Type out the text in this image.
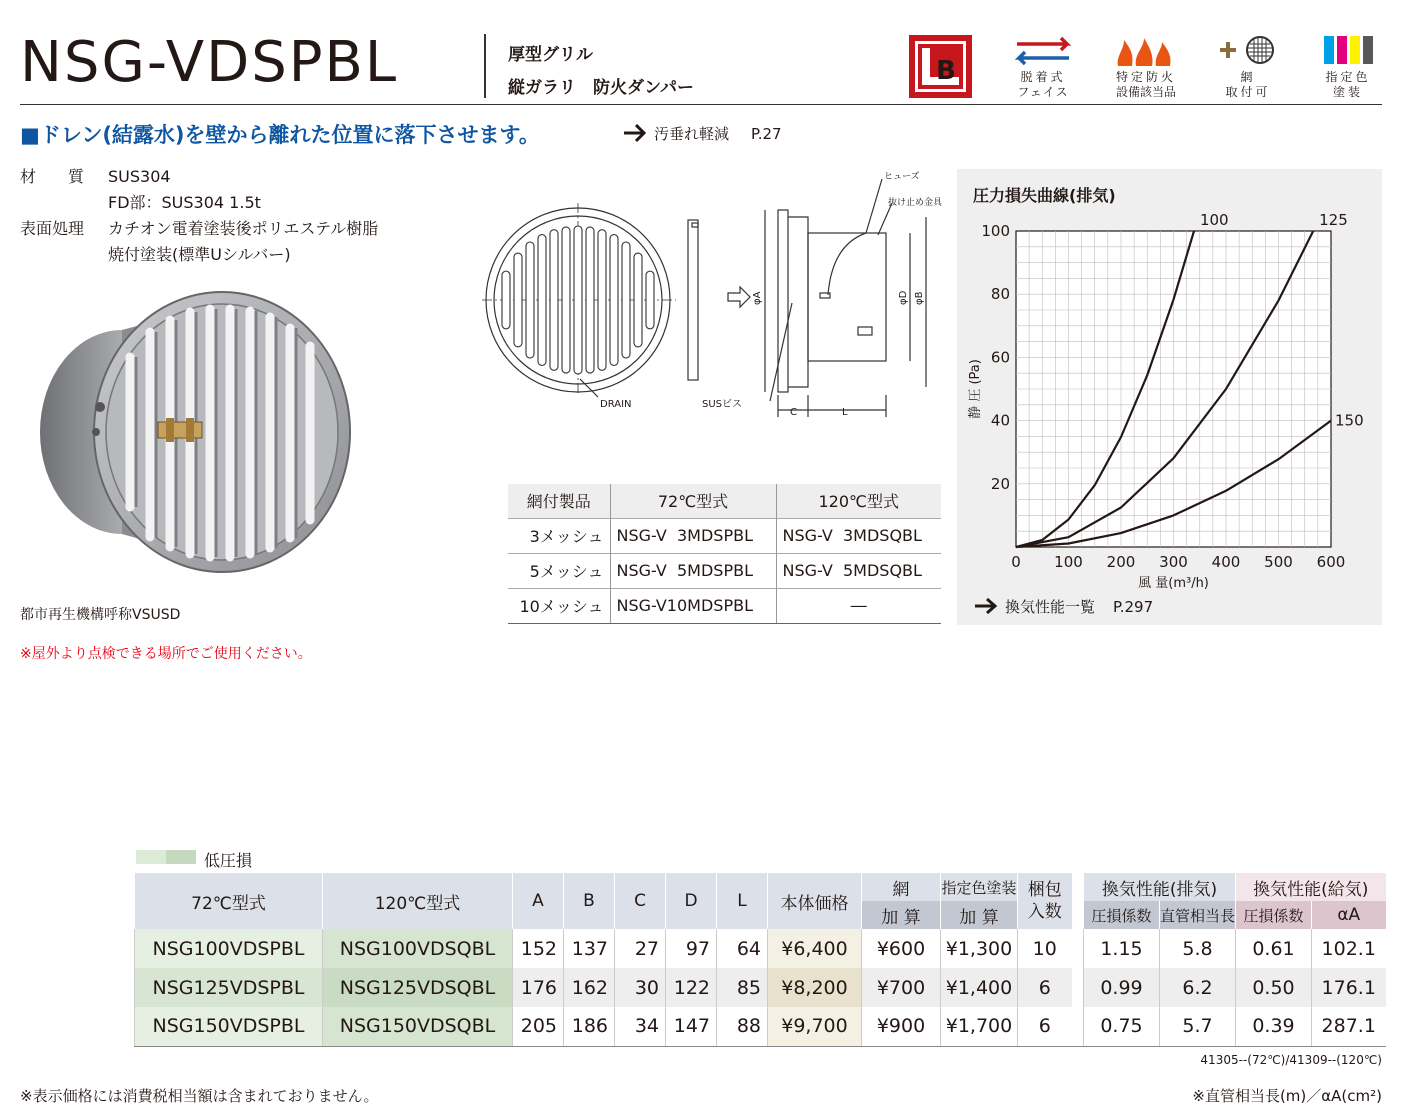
NSG-VDSPBL	厚型グリル
縦ガラリ　防火ダンパー
B	脱着式
フェイス
特定防火
設備該当品
網
取付可
指定色
塗装
■ドレン(結露水)を壁から離れた位置に落下させます。	汚垂れ軽減 P.27
材　　質	SUS304
FD部：SUS304 1.5t
表面処理	カチオン電着塗装後ポリエステル樹脂
焼付塗装(標準Uシルバー)
DRAIN	SUSビス
ヒューズ
抜け止め金具
φA	φD φB
C	L
網付製品	72℃型式	120℃型式
3メッシュ	NSG-V  3MDSPBL	NSG-V  3MDSQBL
5メッシュ	NSG-V  5MDSPBL	NSG-V  5MDSQBL
10メッシュ	NSG-V10MDSPBL	―
圧力損失曲線(排気)
0 100 200 300 400 500 600
20
40
60
80
100
風 量(m³/h)
静 圧 (Pa)
100	125
150
換気性能一覧 P.297
都市再生機構呼称VSUSD
※屋外より点検できる場所でご使用ください。
低圧損
72℃型式	120℃型式	A	B	C	D	L	本体価格	網	指定色塗装	梱包入数		換気性能(排気)		換気性能(給気)	
								加 算	加 算			圧損係数	直管相当長	圧損係数	αA
NSG100VDSPBL	NSG100VDSQBL	152	137	27	97	64	¥6,400	¥600	¥1,300	10		1.15	5.8	0.61	102.1
NSG125VDSPBL	NSG125VDSQBL	176	162	30	122	85	¥8,200	¥700	¥1,400	6		0.99	6.2	0.50	176.1
NSG150VDSPBL	NSG150VDSQBL	205	186	34	147	88	¥9,700	¥900	¥1,700	6		0.75	5.7	0.39	287.1
41305--(72℃)/41309--(120℃)
※表示価格には消費税相当額は含まれておりません。	※直管相当長(m)／αA(cm²)
